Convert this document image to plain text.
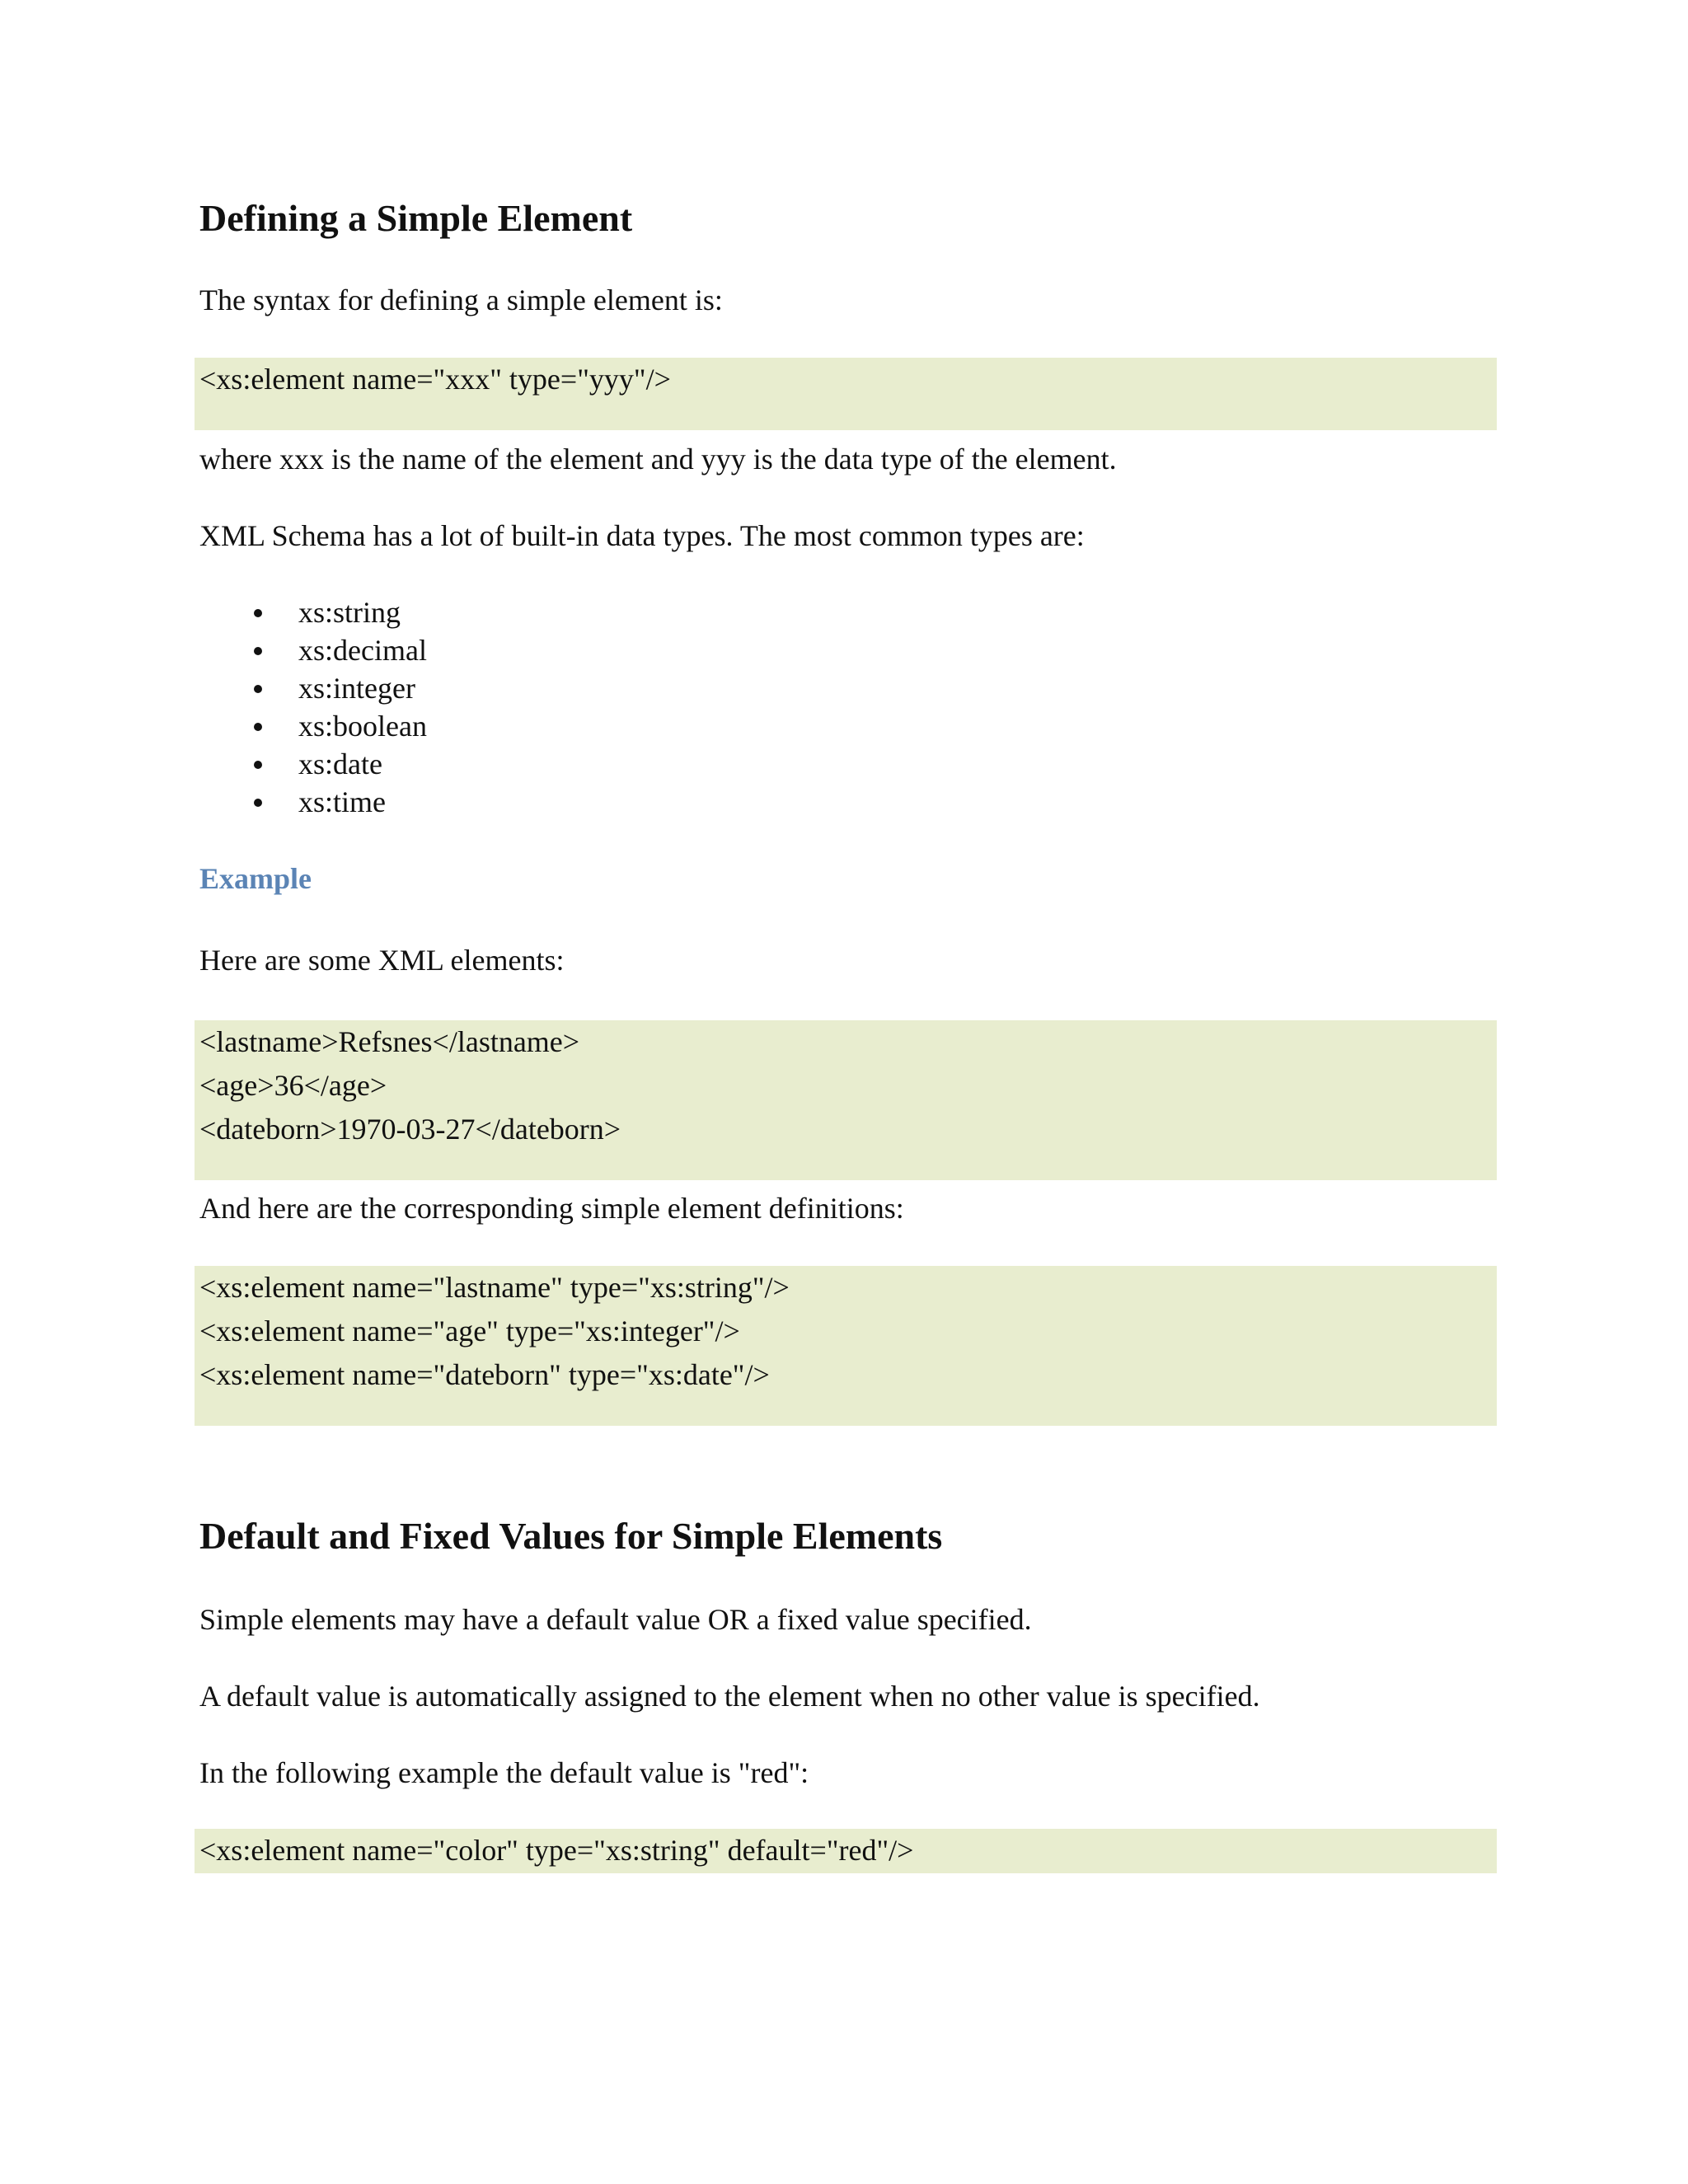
Defining a Simple Element

The syntax for defining a simple element is:

<xs:element name="xxx" type="yyy"/>

where xxx is the name of the element and yyy is the data type of the element.

XML Schema has a lot of built-in data types. The most common types are:

xs:string
xs:decimal
xs:integer
xs:boolean
xs:date
xs:time
Example

Here are some XML elements:

<lastname>Refsnes</lastname>
<age>36</age>
<dateborn>1970-03-27</dateborn>

And here are the corresponding simple element definitions:

<xs:element name="lastname" type="xs:string"/>
<xs:element name="age" type="xs:integer"/>
<xs:element name="dateborn" type="xs:date"/>
Default and Fixed Values for Simple Elements

Simple elements may have a default value OR a fixed value specified.

A default value is automatically assigned to the element when no other value is specified.

In the following example the default value is "red":

<xs:element name="color" type="xs:string" default="red"/>
